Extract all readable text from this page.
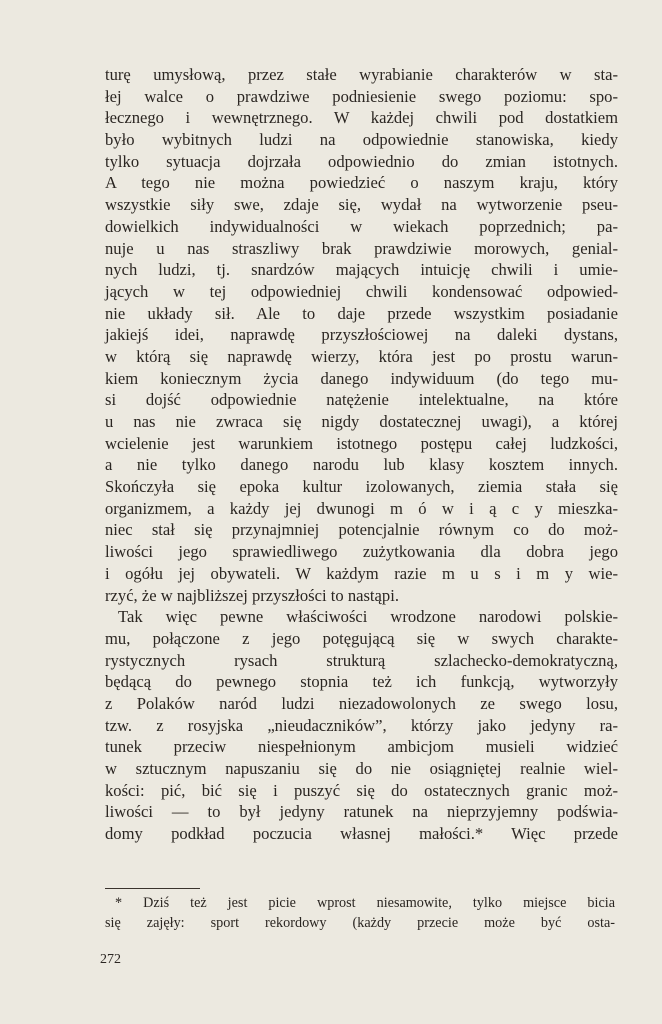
turę umysłową, przez stałe wyrabianie charakterów w sta-
łej walce o prawdziwe podniesienie swego poziomu: spo-
łecznego i wewnętrznego. W każdej chwili pod dostatkiem
było wybitnych ludzi na odpowiednie stanowiska, kiedy
tylko sytuacja dojrzała odpowiednio do zmian istotnych.
A tego nie można powiedzieć o naszym kraju, który
wszystkie siły swe, zdaje się, wydał na wytworzenie pseu-
dowielkich indywidualności w wiekach poprzednich; pa-
nuje u nas straszliwy brak prawdziwie morowych, genial-
nych ludzi, tj. snardzów mających intuicję chwili i umie-
jących w tej odpowiedniej chwili kondensować odpowied-
nie układy sił. Ale to daje przede wszystkim posiadanie
jakiejś idei, naprawdę przyszłościowej na daleki dystans,
w którą się naprawdę wierzy, która jest po prostu warun-
kiem koniecznym życia danego indywiduum (do tego mu-
si dojść odpowiednie natężenie intelektualne, na które
u nas nie zwraca się nigdy dostatecznej uwagi), a której
wcielenie jest warunkiem istotnego postępu całej ludzkości,
a nie tylko danego narodu lub klasy kosztem innych.
Skończyła się epoka kultur izolowanych, ziemia stała się
organizmem, a każdy jej dwunogi m ó w i ą c y mieszka-
niec stał się przynajmniej potencjalnie równym co do moż-
liwości jego sprawiedliwego zużytkowania dla dobra jego
i ogółu jej obywateli. W każdym razie m u s i m y wie-
rzyć, że w najbliższej przyszłości to nastąpi.
Tak więc pewne właściwości wrodzone narodowi polskie-
mu, połączone z jego potęgującą się w swych charakte-
rystycznych rysach strukturą szlachecko-demokratyczną,
będącą do pewnego stopnia też ich funkcją, wytworzyły
z Polaków naród ludzi niezadowolonych ze swego losu,
tzw. z rosyjska „nieudaczników”, którzy jako jedyny ra-
tunek przeciw niespełnionym ambicjom musieli widzieć
w sztucznym napuszaniu się do nie osiągniętej realnie wiel-
kości: pić, bić się i puszyć się do ostatecznych granic moż-
liwości — to był jedyny ratunek na nieprzyjemny podświa-
domy podkład poczucia własnej małości.* Więc przede
* Dziś też jest picie wprost niesamowite, tylko miejsce bicia
się zajęły: sport rekordowy (każdy przecie może być osta-
272
